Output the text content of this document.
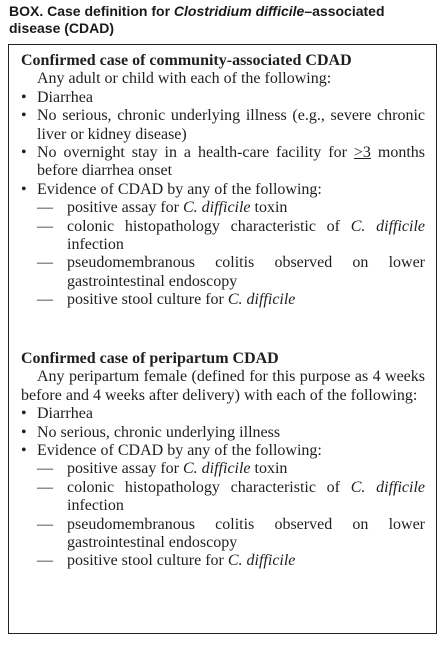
BOX. Case definition for Clostridium difficile–associated disease (CDAD)
Confirmed case of community-associated CDAD
Any adult or child with each of the following:
• Diarrhea
• No serious, chronic underlying illness (e.g., severe chronic liver or kidney disease)
• No overnight stay in a health-care facility for >3 months before diarrhea onset
• Evidence of CDAD by any of the following:
— positive assay for C. difficile toxin
— colonic histopathology characteristic of C. difficile infection
— pseudomembranous colitis observed on lower gastrointestinal endoscopy
— positive stool culture for C. difficile
Confirmed case of peripartum CDAD
Any peripartum female (defined for this purpose as 4 weeks before and 4 weeks after delivery) with each of the following:
• Diarrhea
• No serious, chronic underlying illness
• Evidence of CDAD by any of the following:
— positive assay for C. difficile toxin
— colonic histopathology characteristic of C. difficile infection
— pseudomembranous colitis observed on lower gastrointestinal endoscopy
— positive stool culture for C. difficile
